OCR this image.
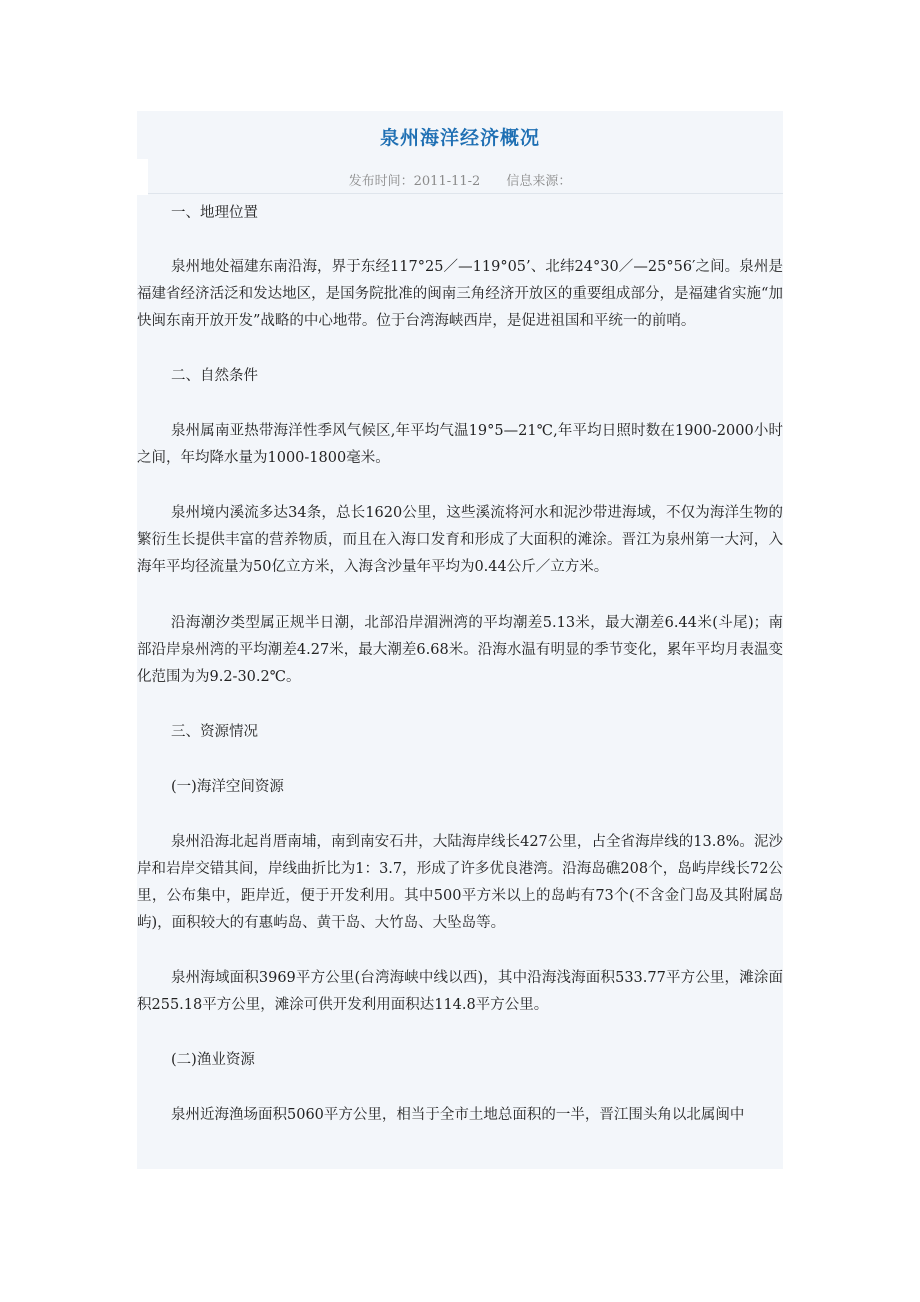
泉州海洋经济概况
发布时间：2011-11-2 信息来源：

一、地理位置

泉州地处福建东南沿海，界于东经117°25／—119°05’、北纬24°30／—25°56′之间。泉州是福建省经济活泛和发达地区，是国务院批准的闽南三角经济开放区的重要组成部分，是福建省实施“加快闽东南开放开发”战略的中心地带。位于台湾海峡西岸，是促进祖国和平统一的前哨。

二、自然条件

泉州属南亚热带海洋性季风气候区,年平均气温19°5—21℃,年平均日照时数在1900-2000小时之间，年均降水量为1000-1800毫米。

泉州境内溪流多达34条，总长1620公里，这些溪流将河水和泥沙带进海域，不仅为海洋生物的繁衍生长提供丰富的营养物质，而且在入海口发育和形成了大面积的滩涂。晋江为泉州第一大河，入海年平均径流量为50亿立方米，入海含沙量年平均为0.44公斤／立方米。

沿海潮汐类型属正规半日潮，北部沿岸湄洲湾的平均潮差5.13米，最大潮差6.44米(斗尾)；南部沿岸泉州湾的平均潮差4.27米，最大潮差6.68米。沿海水温有明显的季节变化，累年平均月表温变化范围为为9.2-30.2℃。

三、资源情况

(一)海洋空间资源

泉州沿海北起肖厝南埔，南到南安石井，大陆海岸线长427公里，占全省海岸线的13.8%。泥沙岸和岩岸交错其间，岸线曲折比为1：3.7，形成了许多优良港湾。沿海岛礁208个，岛屿岸线长72公里，公布集中，距岸近，便于开发利用。其中500平方米以上的岛屿有73个(不含金门岛及其附属岛屿)，面积较大的有惠屿岛、黄干岛、大竹岛、大坠岛等。

泉州海域面积3969平方公里(台湾海峡中线以西)，其中沿海浅海面积533.77平方公里，滩涂面积255.18平方公里，滩涂可供开发利用面积达114.8平方公里。

(二)渔业资源

泉州近海渔场面积5060平方公里，相当于全市土地总面积的一半，晋江围头角以北属闽中
